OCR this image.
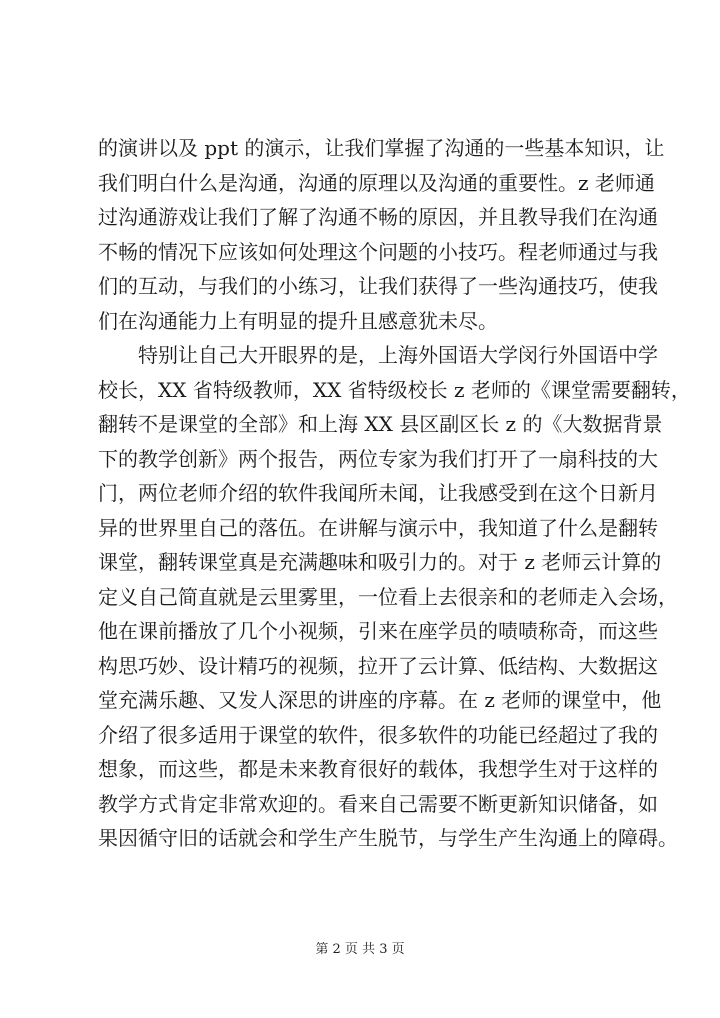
的演讲以及 ppt 的演示，让我们掌握了沟通的一些基本知识，让
我们明白什么是沟通，沟通的原理以及沟通的重要性。z 老师通
过沟通游戏让我们了解了沟通不畅的原因，并且教导我们在沟通
不畅的情况下应该如何处理这个问题的小技巧。程老师通过与我
们的互动，与我们的小练习，让我们获得了一些沟通技巧，使我
们在沟通能力上有明显的提升且感意犹未尽。
特别让自己大开眼界的是，上海外国语大学闵行外国语中学
校长，XX 省特级教师，XX 省特级校长 z 老师的《课堂需要翻转，
翻转不是课堂的全部》和上海 XX 县区副区长 z 的《大数据背景
下的教学创新》两个报告，两位专家为我们打开了一扇科技的大
门，两位老师介绍的软件我闻所未闻，让我感受到在这个日新月
异的世界里自己的落伍。在讲解与演示中，我知道了什么是翻转
课堂，翻转课堂真是充满趣味和吸引力的。对于 z 老师云计算的
定义自己简直就是云里雾里，一位看上去很亲和的老师走入会场，
他在课前播放了几个小视频，引来在座学员的啧啧称奇，而这些
构思巧妙、设计精巧的视频，拉开了云计算、低结构、大数据这
堂充满乐趣、又发人深思的讲座的序幕。在 z 老师的课堂中，他
介绍了很多适用于课堂的软件，很多软件的功能已经超过了我的
想象，而这些，都是未来教育很好的载体，我想学生对于这样的
教学方式肯定非常欢迎的。看来自己需要不断更新知识储备，如
果因循守旧的话就会和学生产生脱节，与学生产生沟通上的障碍。
第 2 页 共 3 页
